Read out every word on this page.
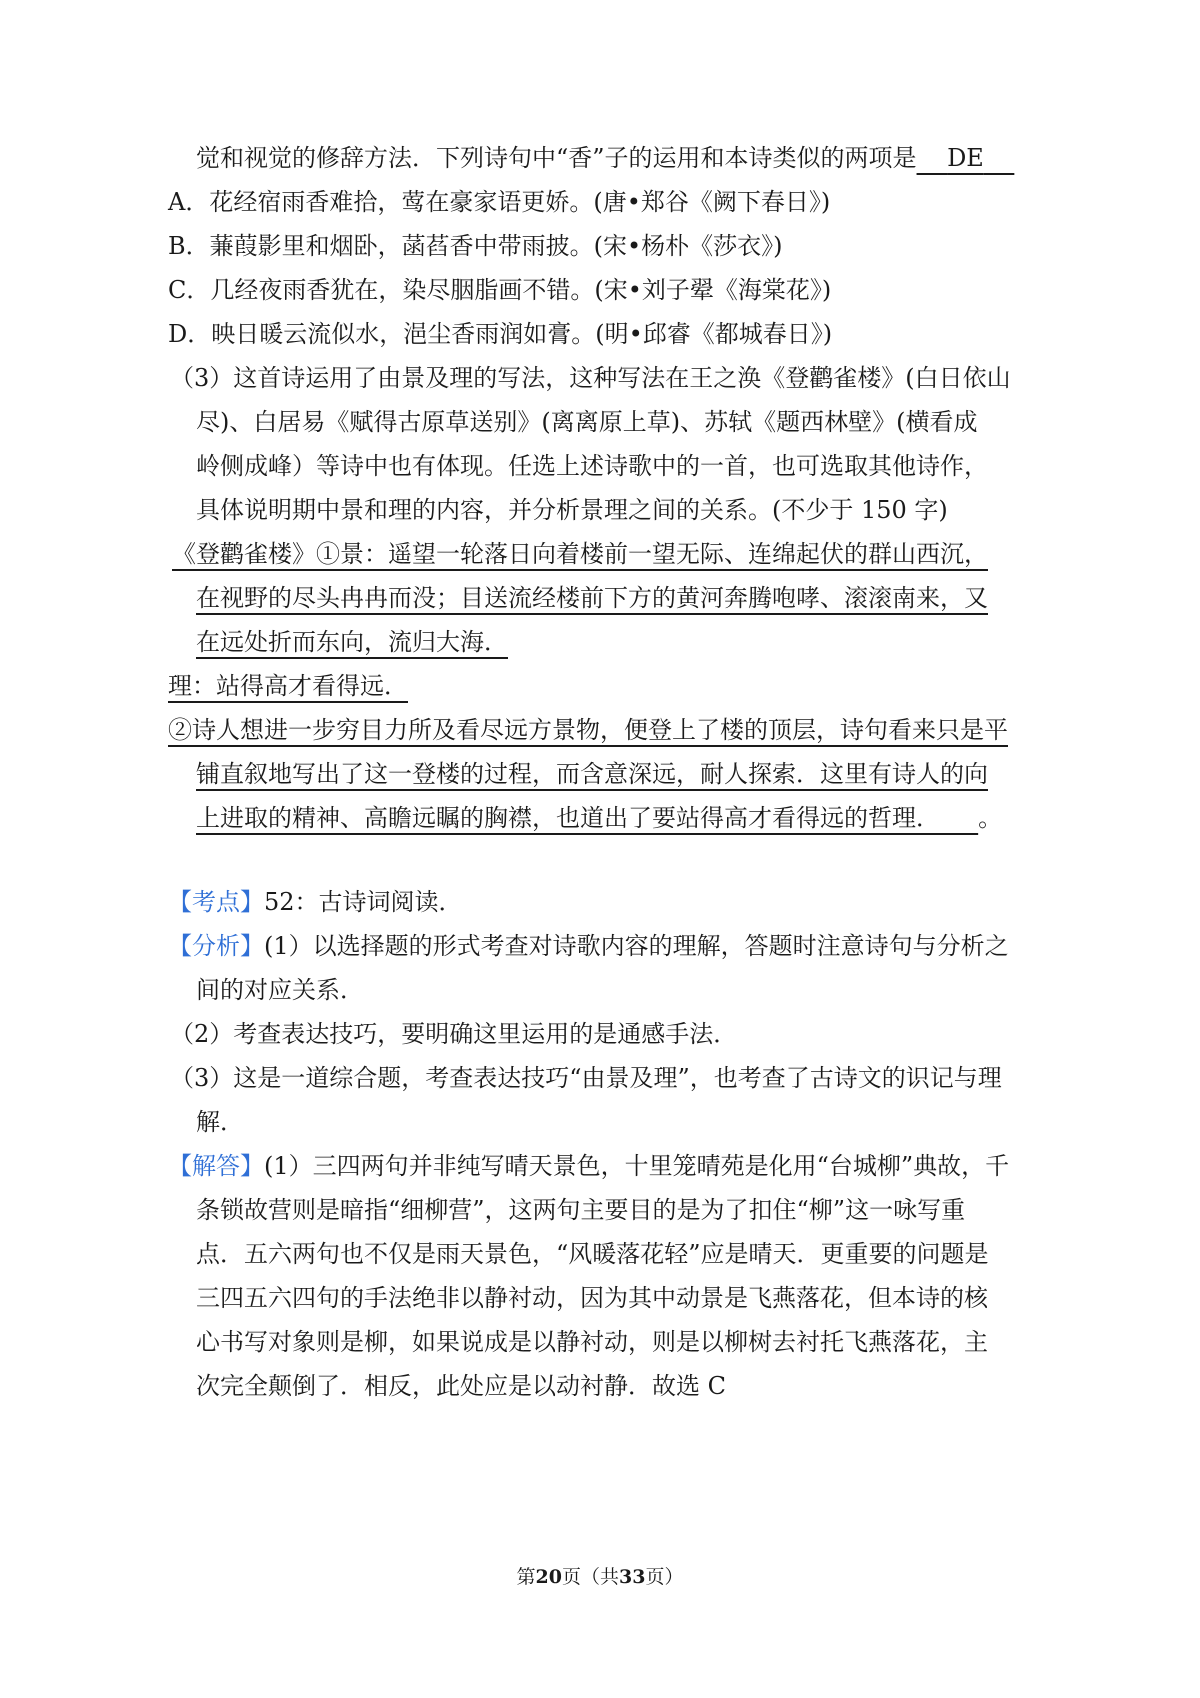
觉和视觉的修辞方法．下列诗句中“香”子的运用和本诗类似的两项是 DE
A．花经宿雨香难拾，莺在豪家语更娇。(唐•郑谷《阙下春日》)
B．蒹葭影里和烟卧，菡萏香中带雨披。(宋•杨朴《莎衣》)
C．几经夜雨香犹在，染尽胭脂画不错。(宋•刘子翚《海棠花》)
D．映日暖云流似水，浥尘香雨润如膏。(明•邱睿《都城春日》)
（3）这首诗运用了由景及理的写法，这种写法在王之涣《登鹳雀楼》(白日依山
尽)、白居易《赋得古原草送别》(离离原上草)、苏轼《题西林壁》(横看成
岭侧成峰）等诗中也有体现。任选上述诗歌中的一首，也可选取其他诗作，
具体说明期中景和理的内容，并分析景理之间的关系。(不少于 150 字)
《登鹳雀楼》①景：遥望一轮落日向着楼前一望无际、连绵起伏的群山西沉，
在视野的尽头冉冉而没；目送流经楼前下方的黄河奔腾咆哮、滚滚南来，又
在远处折而东向，流归大海．
理：站得高才看得远．
②诗人想进一步穷目力所及看尽远方景物，便登上了楼的顶层，诗句看来只是平
铺直叙地写出了这一登楼的过程，而含意深远，耐人探索．这里有诗人的向
上进取的精神、高瞻远瞩的胸襟，也道出了要站得高才看得远的哲理． 。
【考点】52：古诗词阅读．
【分析】(1）以选择题的形式考查对诗歌内容的理解，答题时注意诗句与分析之
间的对应关系．
（2）考查表达技巧，要明确这里运用的是通感手法．
（3）这是一道综合题，考查表达技巧“由景及理”，也考查了古诗文的识记与理
解．
【解答】(1）三四两句并非纯写晴天景色，十里笼晴苑是化用“台城柳”典故，千
条锁故营则是暗指“细柳营”，这两句主要目的是为了扣住“柳”这一咏写重
点．五六两句也不仅是雨天景色，“风暖落花轻”应是晴天．更重要的问题是
三四五六四句的手法绝非以静衬动，因为其中动景是飞燕落花，但本诗的核
心书写对象则是柳，如果说成是以静衬动，则是以柳树去衬托飞燕落花，主
次完全颠倒了．相反，此处应是以动衬静．故选 C
第20页（共33页）
